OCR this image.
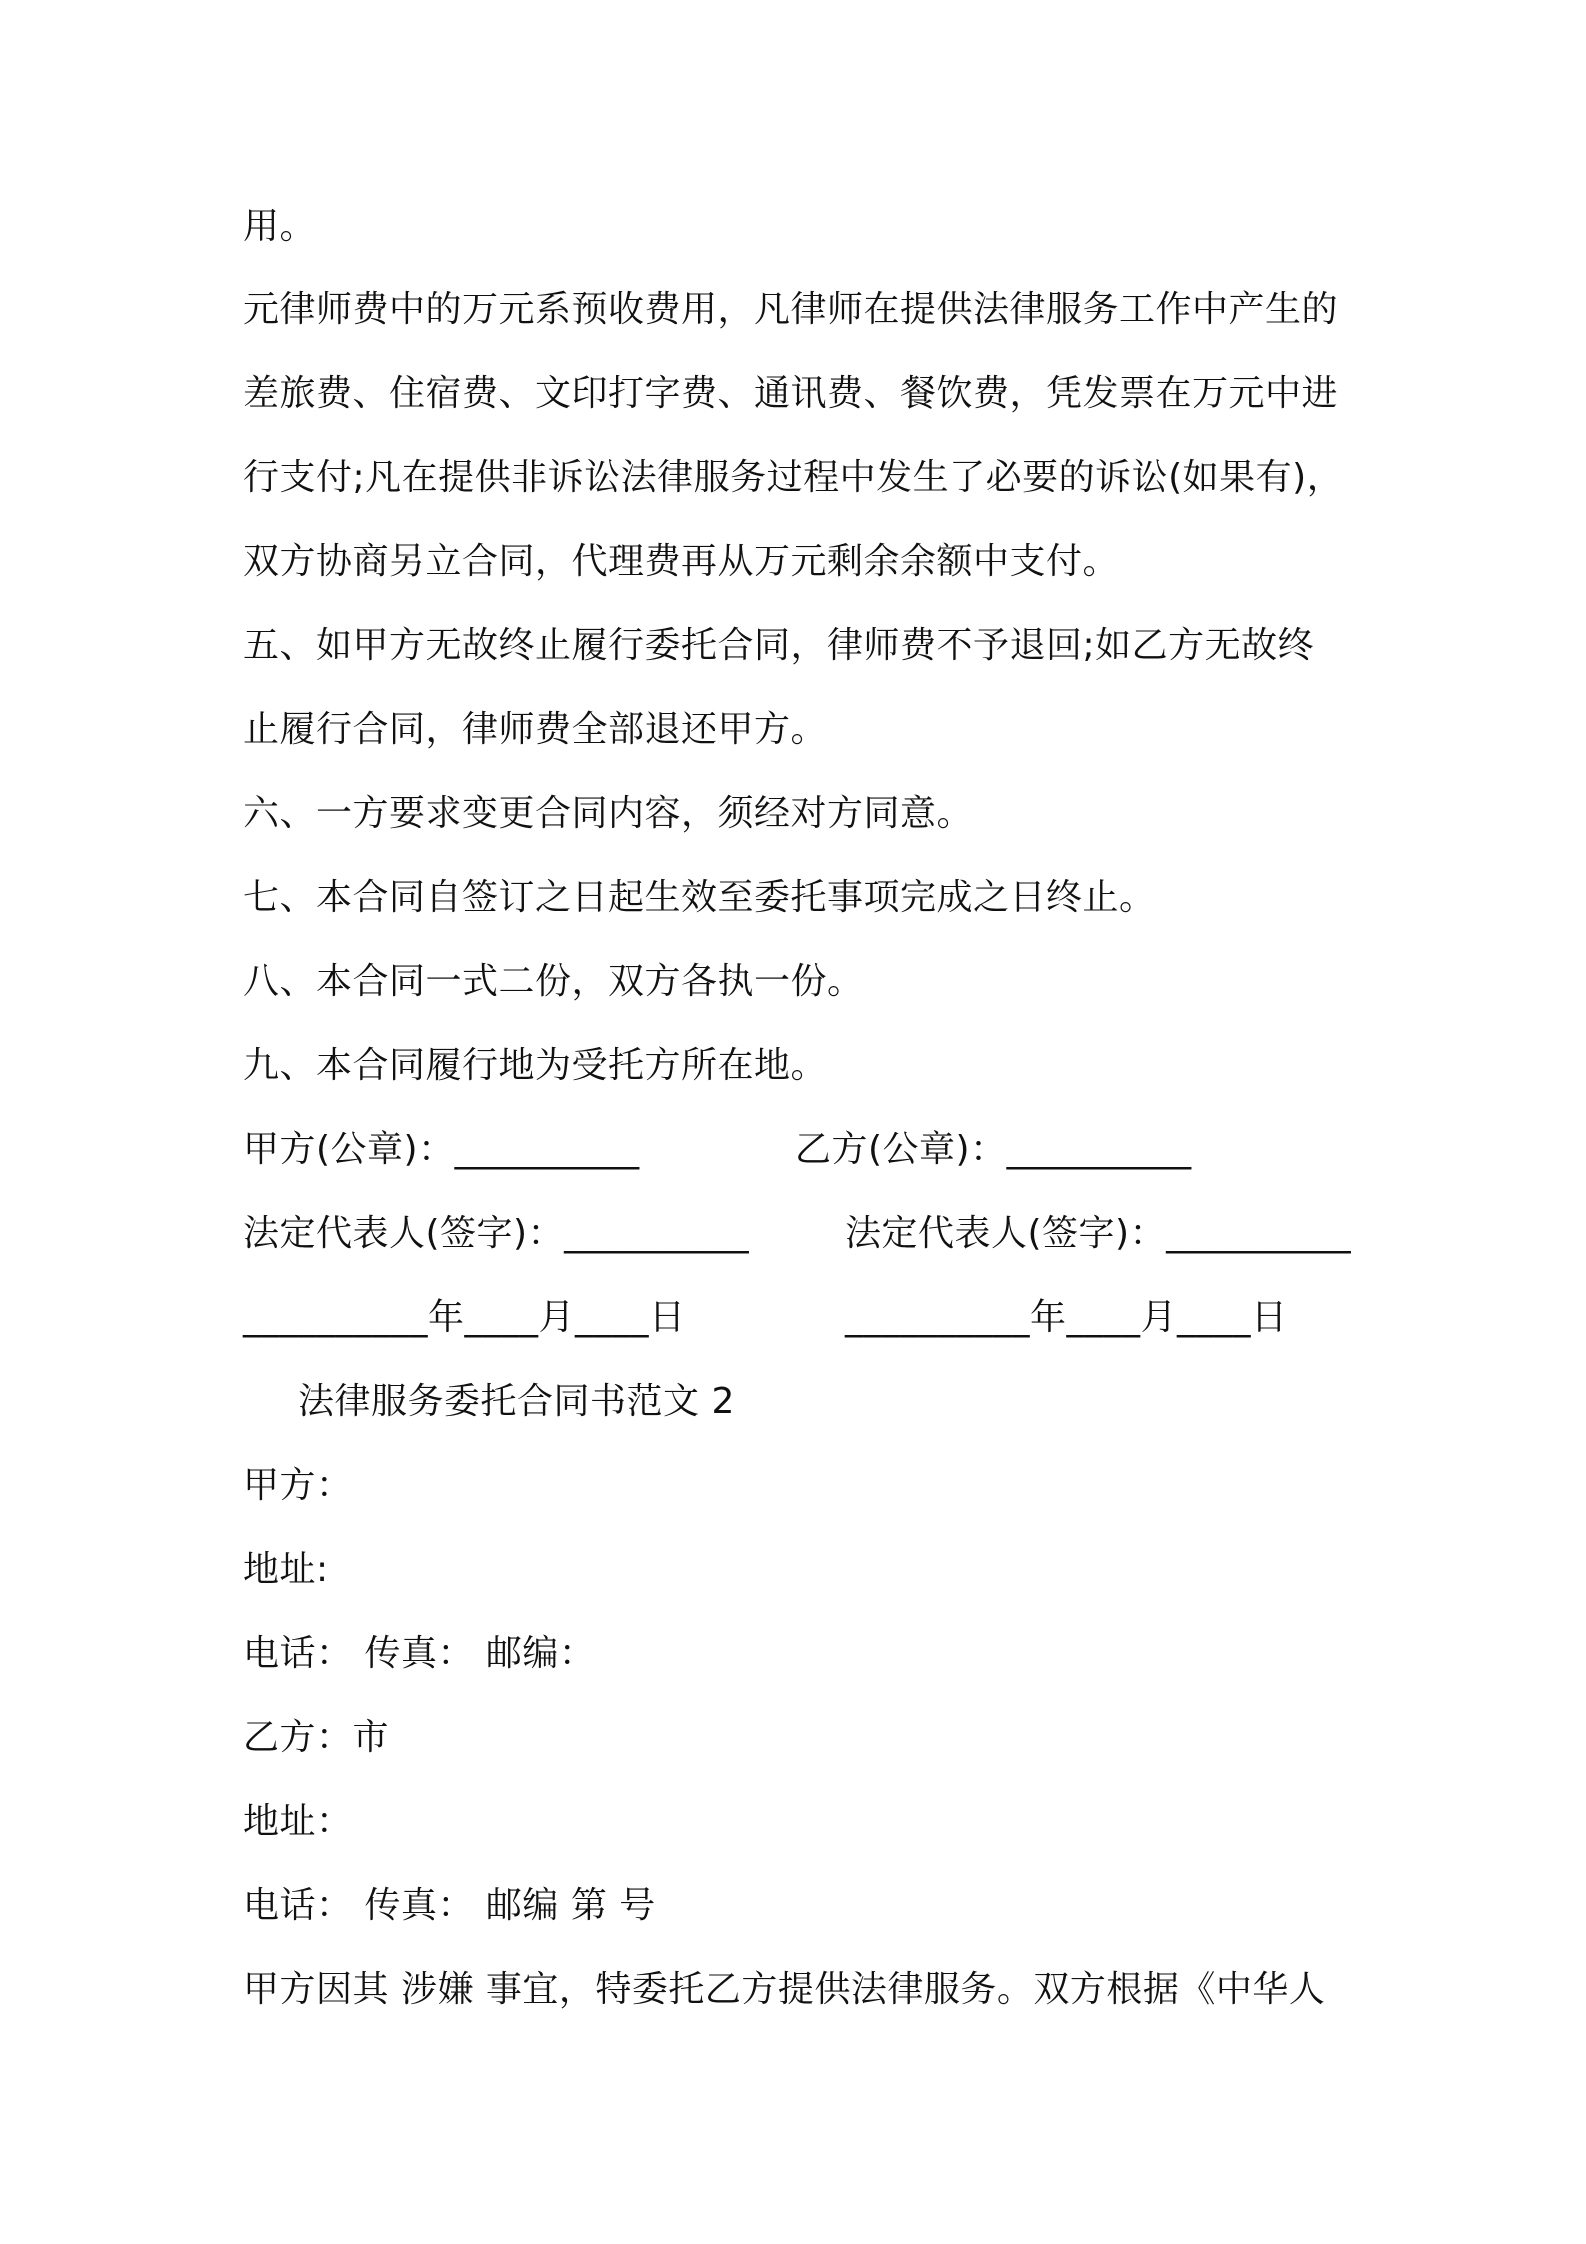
用。
元律师费中的万元系预收费用，凡律师在提供法律服务工作中产生的
差旅费、住宿费、文印打字费、通讯费、餐饮费，凭发票在万元中进
行支付;凡在提供非诉讼法律服务过程中发生了必要的诉讼(如果有)，
双方协商另立合同，代理费再从万元剩余余额中支付。
五、如甲方无故终止履行委托合同，律师费不予退回;如乙方无故终
止履行合同，律师费全部退还甲方。
六、一方要求变更合同内容，须经对方同意。
七、本合同自签订之日起生效至委托事项完成之日终止。
八、本合同一式二份，双方各执一份。
九、本合同履行地为受托方所在地。
甲方(公章)：__________	乙方(公章)：__________
法定代表人(签字)：__________	法定代表人(签字)：__________
__________年____月____日	__________年____月____日
法律服务委托合同书范文 2
甲方：
地址:
电话： 传真： 邮编：
乙方：市
地址：
电话： 传真： 邮编 第 号
甲方因其 涉嫌 事宜，特委托乙方提供法律服务。双方根据《中华人
